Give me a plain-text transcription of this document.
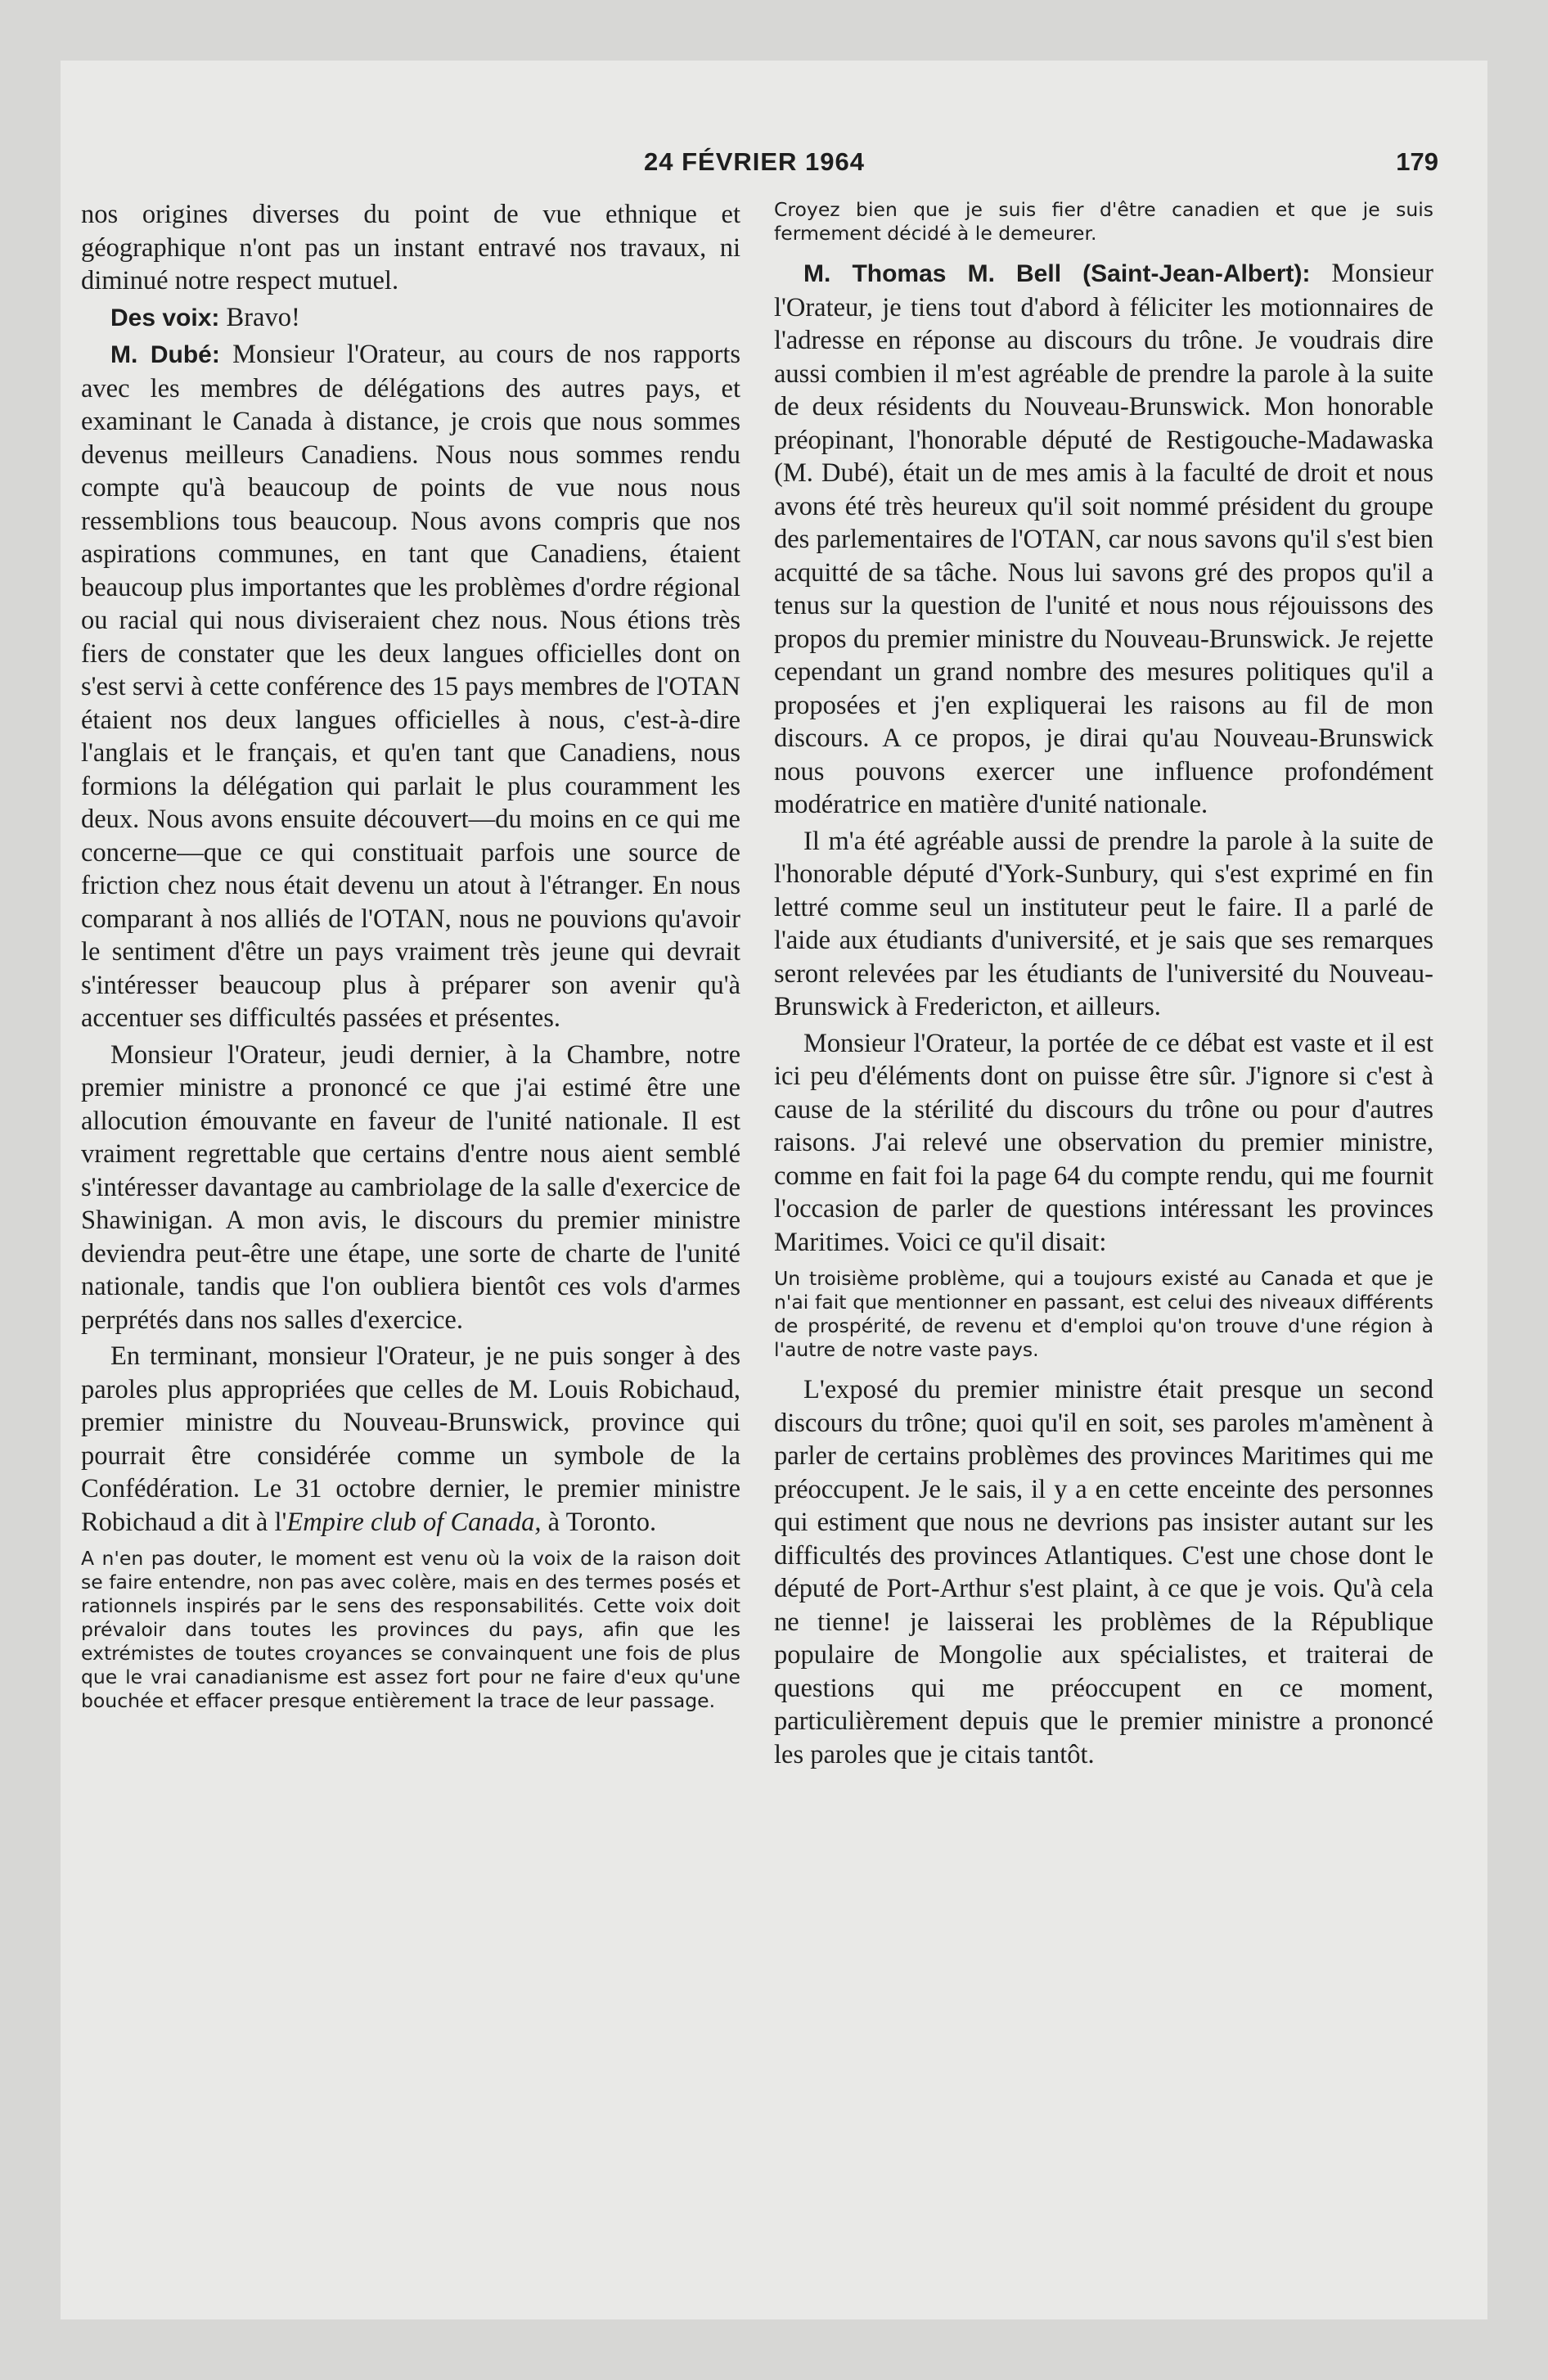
24 FÉVRIER 1964	179

nos origines diverses du point de vue ethnique et géographique n'ont pas un instant entravé nos travaux, ni diminué notre respect mutuel.

Des voix: Bravo!

M. Dubé: Monsieur l'Orateur, au cours de nos rapports avec les membres de délégations des autres pays, et examinant le Canada à distance, je crois que nous sommes devenus meilleurs Canadiens. Nous nous sommes rendu compte qu'à beaucoup de points de vue nous nous ressemblions tous beaucoup. Nous avons compris que nos aspirations communes, en tant que Canadiens, étaient beaucoup plus importantes que les problèmes d'ordre régional ou racial qui nous diviseraient chez nous. Nous étions très fiers de constater que les deux langues officielles dont on s'est servi à cette conférence des 15 pays membres de l'OTAN étaient nos deux langues officielles à nous, c'est-à-dire l'anglais et le français, et qu'en tant que Canadiens, nous formions la délégation qui parlait le plus couramment les deux. Nous avons ensuite découvert—du moins en ce qui me concerne—que ce qui constituait parfois une source de friction chez nous était devenu un atout à l'étranger. En nous comparant à nos alliés de l'OTAN, nous ne pouvions qu'avoir le sentiment d'être un pays vraiment très jeune qui devrait s'intéresser beaucoup plus à préparer son avenir qu'à accentuer ses difficultés passées et présentes.

Monsieur l'Orateur, jeudi dernier, à la Chambre, notre premier ministre a prononcé ce que j'ai estimé être une allocution émouvante en faveur de l'unité nationale. Il est vraiment regrettable que certains d'entre nous aient semblé s'intéresser davantage au cambriolage de la salle d'exercice de Shawinigan. A mon avis, le discours du premier ministre deviendra peut-être une étape, une sorte de charte de l'unité nationale, tandis que l'on oubliera bientôt ces vols d'armes perprétés dans nos salles d'exercice.

En terminant, monsieur l'Orateur, je ne puis songer à des paroles plus appropriées que celles de M. Louis Robichaud, premier ministre du Nouveau-Brunswick, province qui pourrait être considérée comme un symbole de la Confédération. Le 31 octobre dernier, le premier ministre Robichaud a dit à l'Empire club of Canada, à Toronto.

A n'en pas douter, le moment est venu où la voix de la raison doit se faire entendre, non pas avec colère, mais en des termes posés et rationnels inspirés par le sens des responsabilités. Cette voix doit prévaloir dans toutes les provinces du pays, afin que les extrémistes de toutes croyances se convainquent une fois de plus que le vrai canadianisme est assez fort pour ne faire d'eux qu'une bouchée et effacer presque entièrement la trace de leur passage.

Croyez bien que je suis fier d'être canadien et que je suis fermement décidé à le demeurer.

M. Thomas M. Bell (Saint-Jean-Albert): Monsieur l'Orateur, je tiens tout d'abord à féliciter les motionnaires de l'adresse en réponse au discours du trône. Je voudrais dire aussi combien il m'est agréable de prendre la parole à la suite de deux résidents du Nouveau-Brunswick. Mon honorable préopinant, l'honorable député de Restigouche-Madawaska (M. Dubé), était un de mes amis à la faculté de droit et nous avons été très heureux qu'il soit nommé président du groupe des parlementaires de l'OTAN, car nous savons qu'il s'est bien acquitté de sa tâche. Nous lui savons gré des propos qu'il a tenus sur la question de l'unité et nous nous réjouissons des propos du premier ministre du Nouveau-Brunswick. Je rejette cependant un grand nombre des mesures politiques qu'il a proposées et j'en expliquerai les raisons au fil de mon discours. A ce propos, je dirai qu'au Nouveau-Brunswick nous pouvons exercer une influence profondément modératrice en matière d'unité nationale.

Il m'a été agréable aussi de prendre la parole à la suite de l'honorable député d'York-Sunbury, qui s'est exprimé en fin lettré comme seul un instituteur peut le faire. Il a parlé de l'aide aux étudiants d'université, et je sais que ses remarques seront relevées par les étudiants de l'université du Nouveau-Brunswick à Fredericton, et ailleurs.

Monsieur l'Orateur, la portée de ce débat est vaste et il est ici peu d'éléments dont on puisse être sûr. J'ignore si c'est à cause de la stérilité du discours du trône ou pour d'autres raisons. J'ai relevé une observation du premier ministre, comme en fait foi la page 64 du compte rendu, qui me fournit l'occasion de parler de questions intéressant les provinces Maritimes. Voici ce qu'il disait:

Un troisième problème, qui a toujours existé au Canada et que je n'ai fait que mentionner en passant, est celui des niveaux différents de prospérité, de revenu et d'emploi qu'on trouve d'une région à l'autre de notre vaste pays.

L'exposé du premier ministre était presque un second discours du trône; quoi qu'il en soit, ses paroles m'amènent à parler de certains problèmes des provinces Maritimes qui me préoccupent. Je le sais, il y a en cette enceinte des personnes qui estiment que nous ne devrions pas insister autant sur les difficultés des provinces Atlantiques. C'est une chose dont le député de Port-Arthur s'est plaint, à ce que je vois. Qu'à cela ne tienne! je laisserai les problèmes de la République populaire de Mongolie aux spécialistes, et traiterai de questions qui me préoccupent en ce moment, particulièrement depuis que le premier ministre a prononcé les paroles que je citais tantôt.
